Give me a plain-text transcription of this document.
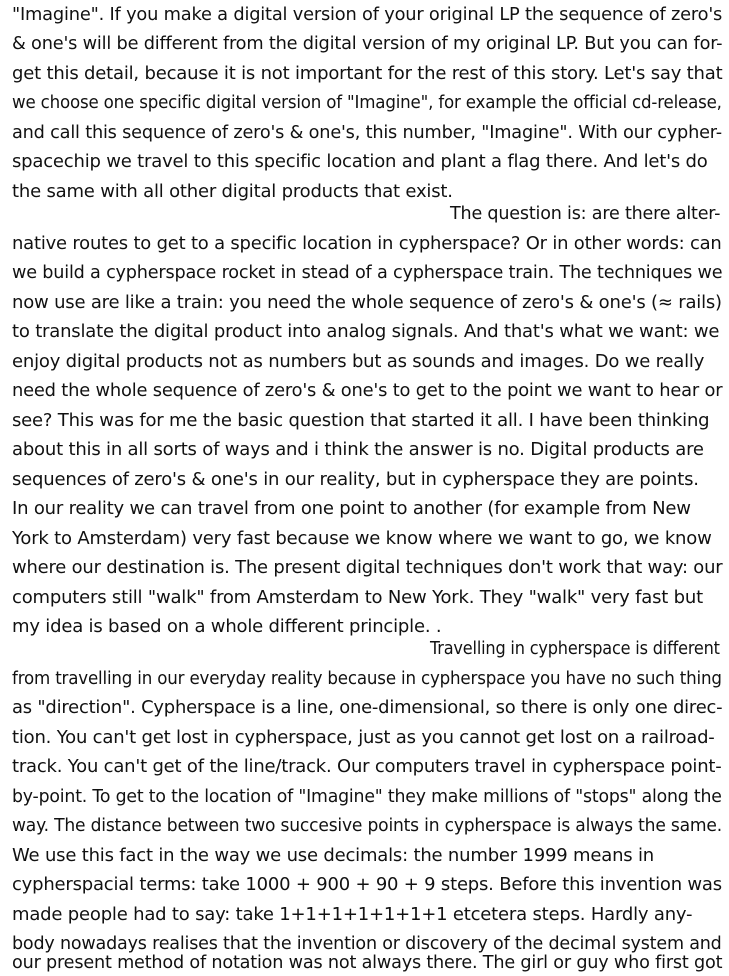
"Imagine". If you make a digital version of your original LP the sequence of zero's
& one's will be different from the digital version of my original LP. But you can for-
get this detail, because it is not important for the rest of this story. Let's say that
we choose one specific digital version of "Imagine", for example the official cd-release,
and call this sequence of zero's & one's, this number, "Imagine". With our cypher-
spacechip we travel to this specific location and plant a flag there. And let's do
the same with all other digital products that exist.
The question is: are there alter-
native routes to get to a specific location in cypherspace? Or in other words: can
we build a cypherspace rocket in stead of a cypherspace train. The techniques we
now use are like a train: you need the whole sequence of zero's & one's (≈ rails)
to translate the digital product into analog signals. And that's what we want: we
enjoy digital products not as numbers but as sounds and images. Do we really
need the whole sequence of zero's & one's to get to the point we want to hear or
see? This was for me the basic question that started it all. I have been thinking
about this in all sorts of ways and i think the answer is no. Digital products are
sequences of zero's & one's in our reality, but in cypherspace they are points.
In our reality we can travel from one point to another (for example from New
York to Amsterdam) very fast because we know where we want to go, we know
where our destination is. The present digital techniques don't work that way: our
computers still "walk" from Amsterdam to New York. They "walk" very fast but
my idea is based on a whole different principle. .
Travelling in cypherspace is different
from travelling in our everyday reality because in cypherspace you have no such thing
as "direction". Cypherspace is a line, one-dimensional, so there is only one direc-
tion. You can't get lost in cypherspace, just as you cannot get lost on a railroad-
track. You can't get of the line/track. Our computers travel in cypherspace point-
by-point. To get to the location of "Imagine" they make millions of "stops" along the
way. The distance between two succesive points in cypherspace is always the same.
We use this fact in the way we use decimals: the number 1999 means in
cypherspacial terms: take 1000 + 900 + 90 + 9 steps. Before this invention was
made people had to say: take 1+1+1+1+1+1+1 etcetera steps. Hardly any-
body nowadays realises that the invention or discovery of the decimal system and
our present method of notation was not always there. The girl or guy who first got
